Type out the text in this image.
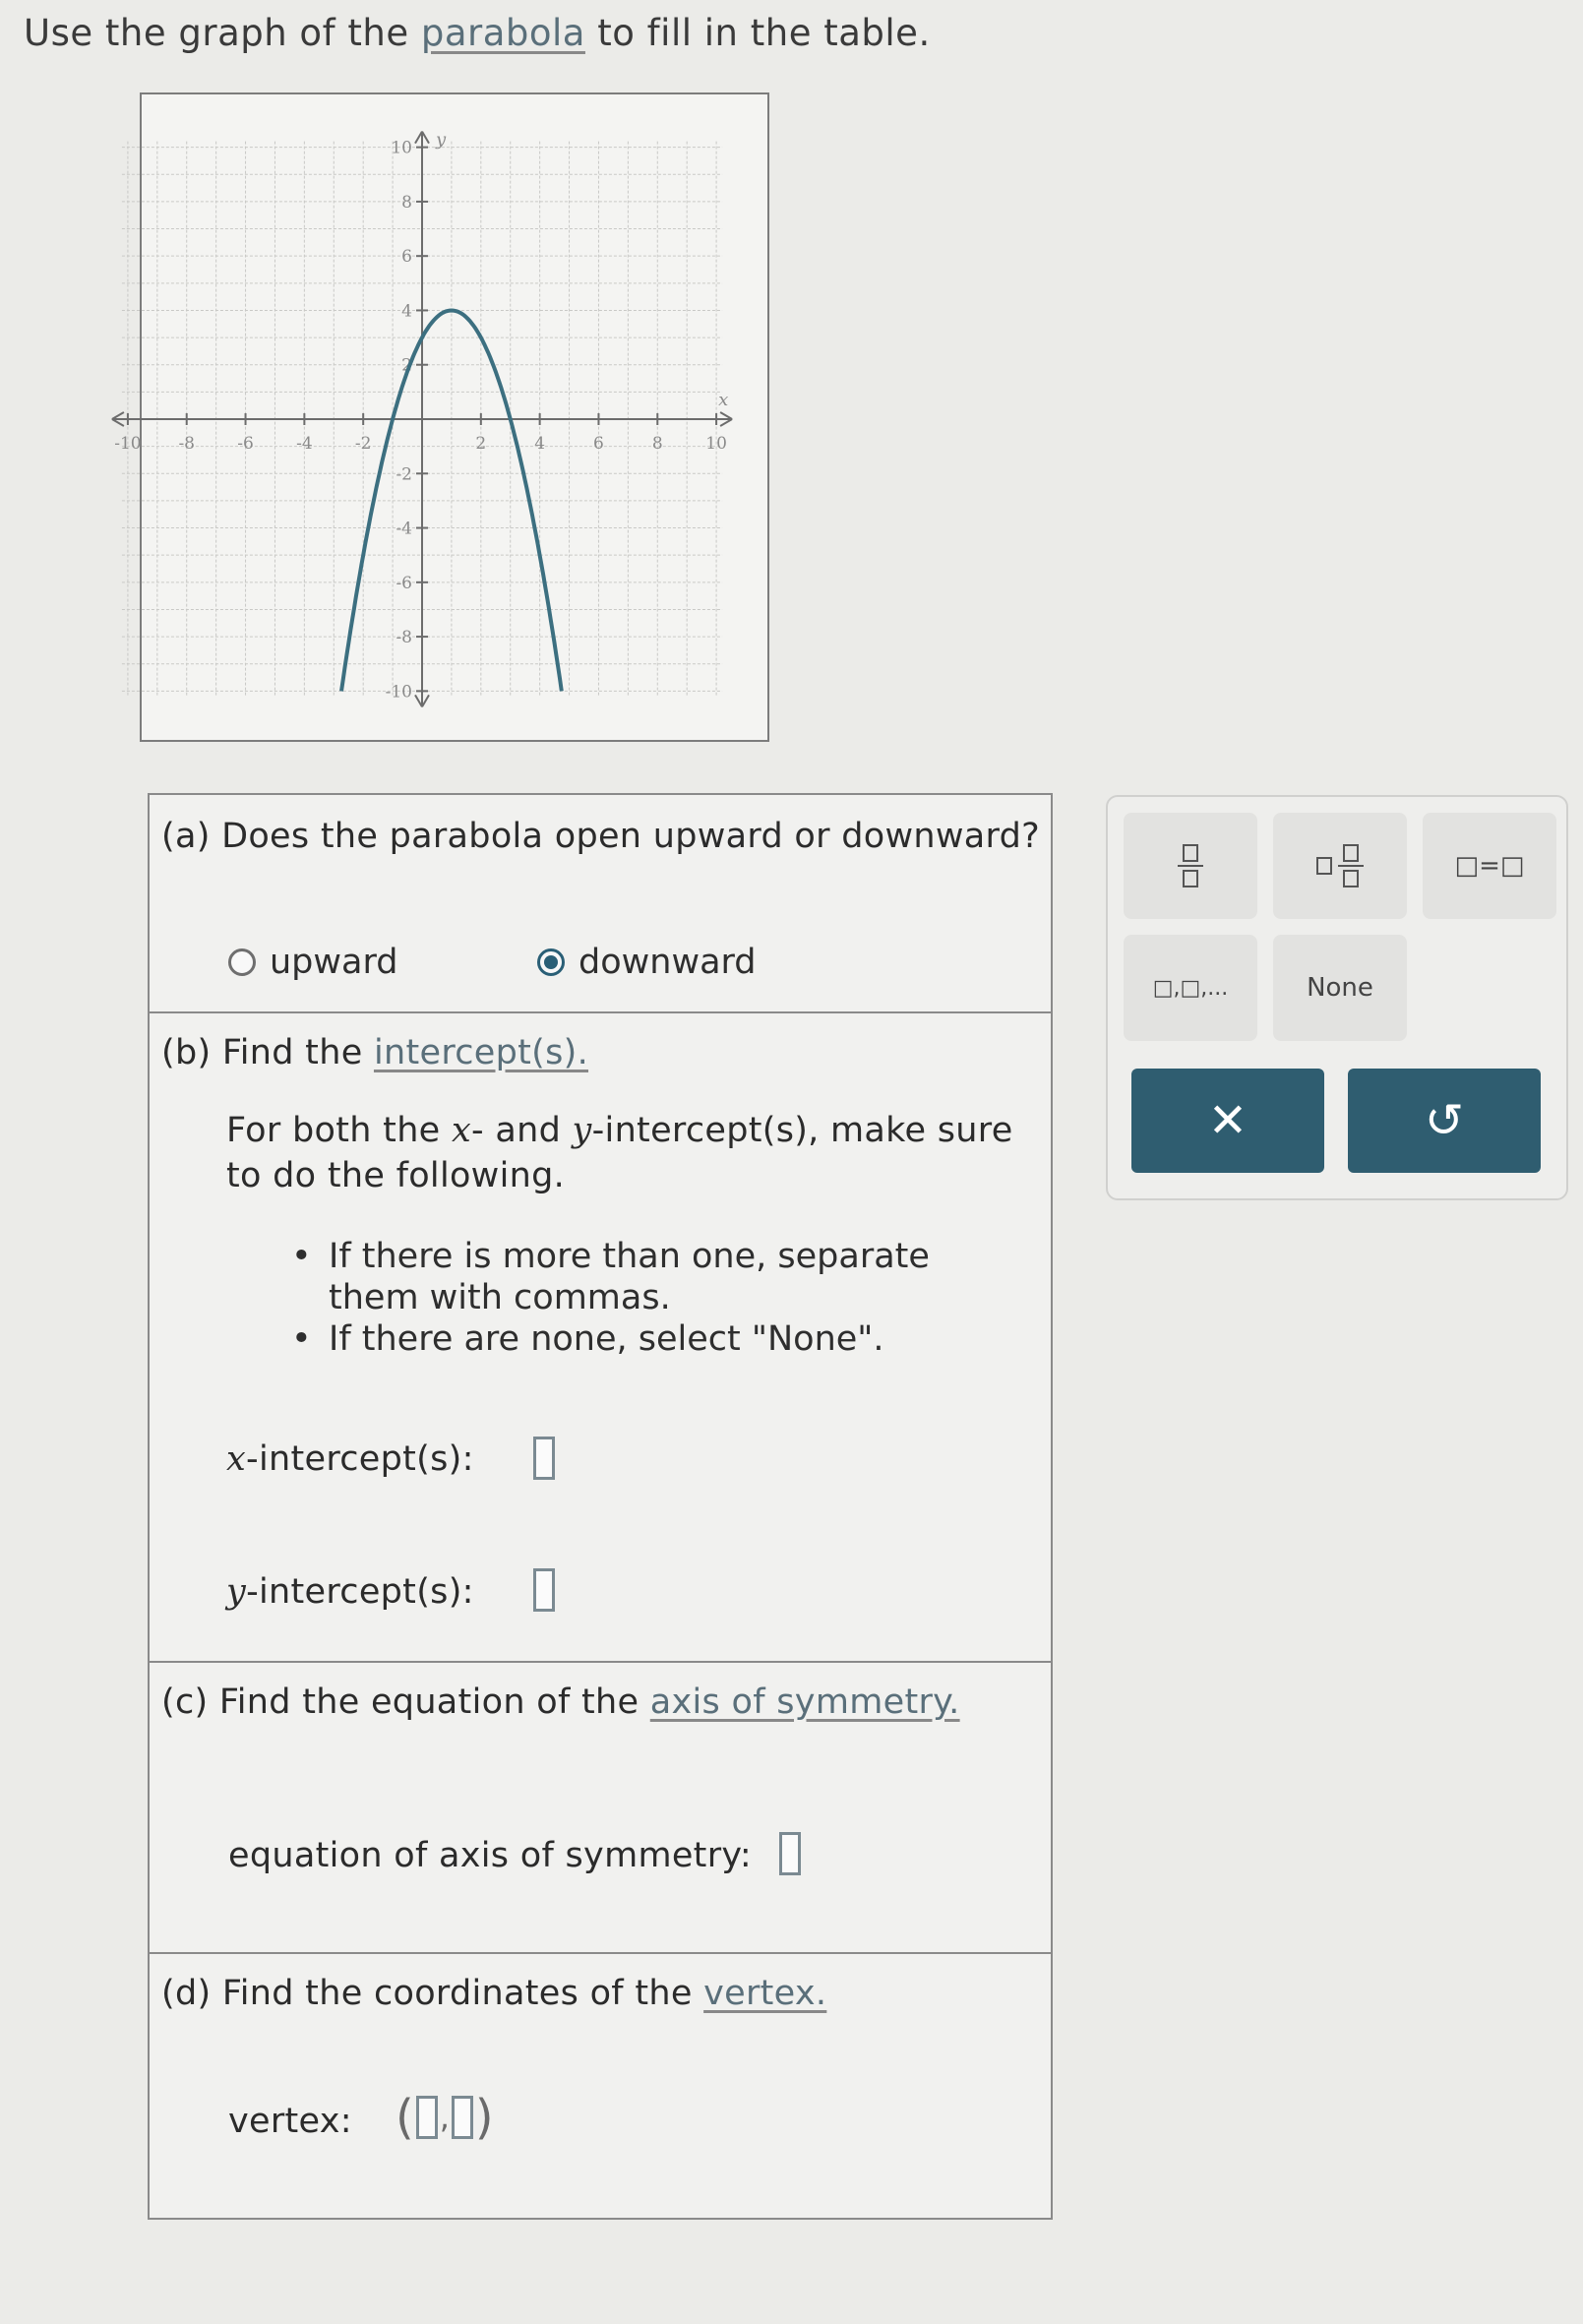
Use the graph of the parabola to fill in the table.
-10 -8	-6	-4	-2	2	4	6	8	10
10
8
6
4
2
-2
-4
-6
-8
-10
x
y
(a) Does the parabola open upward or downward?
upward	downward
(b) Find the intercept(s).
For both the x- and y-intercept(s), make sure
to do the following.
• If there is more than one, separate them with commas.
• If there are none, select "None".
x-intercept(s):
y-intercept(s):
(c) Find the equation of the axis of symmetry.
equation of axis of symmetry:
(d) Find the coordinates of the vertex.
vertex: ( , )
□=□
□,□,...	None
✕	↺
